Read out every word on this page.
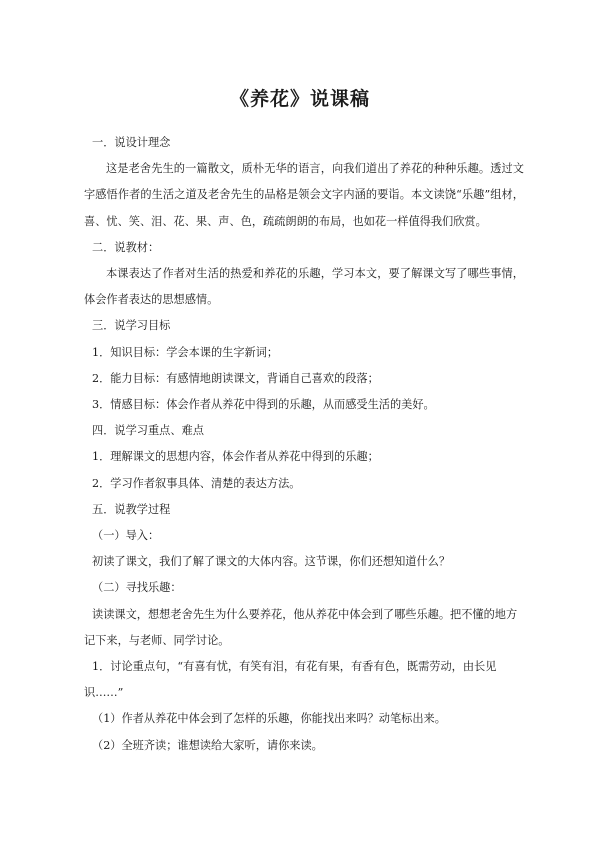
《养花》说课稿
一．说设计理念
这是老舍先生的一篇散文，质朴无华的语言，向我们道出了养花的种种乐趣。透过文字感悟作者的生活之道及老舍先生的品格是领会文字内涵的要诣。本文读饶“乐趣”组材，喜、忧、笑、泪、花、果、声、色，疏疏朗朗的布局，也如花一样值得我们欣赏。
二．说教材：
本课表达了作者对生活的热爱和养花的乐趣，学习本文，要了解课文写了哪些事情，体会作者表达的思想感情。
三．说学习目标
1．知识目标：学会本课的生字新词；
2．能力目标：有感情地朗读课文，背诵自己喜欢的段落；
3．情感目标：体会作者从养花中得到的乐趣，从而感受生活的美好。
四．说学习重点、难点
1．理解课文的思想内容，体会作者从养花中得到的乐趣；
2．学习作者叙事具体、清楚的表达方法。
五．说教学过程
（一）导入：
初读了课文，我们了解了课文的大体内容。这节课，你们还想知道什么？
（二）寻找乐趣：
读读课文，想想老舍先生为什么要养花，他从养花中体会到了哪些乐趣。把不懂的地方记下来，与老师、同学讨论。
1．讨论重点句，“有喜有忧，有笑有泪，有花有果，有香有色，既需劳动，由长见识……”
（1）作者从养花中体会到了怎样的乐趣，你能找出来吗？动笔标出来。
（2）全班齐读；谁想读给大家听，请你来读。
